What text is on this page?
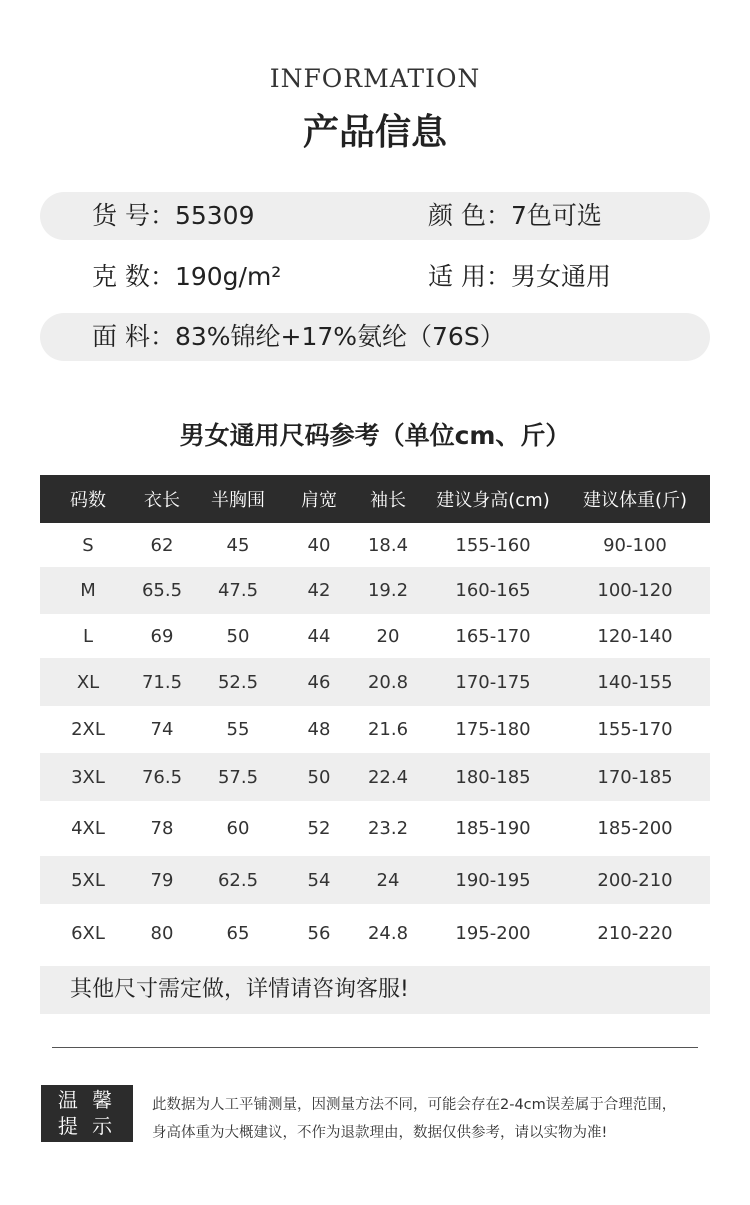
INFORMATION
产品信息
货 号：55309	颜 色：7色可选
克 数：190g/m²	适 用：男女通用
面 料：83%锦纶+17%氨纶（76S）
男女通用尺码参考（单位cm、斤）
码数	衣长	半胸围	肩宽	袖长	建议身高(cm)	建议体重(斤)
S	62	45	40	18.4	155-160	90-100
M	65.5	47.5	42	19.2	160-165	100-120
L	69	50	44	20	165-170	120-140
XL	71.5	52.5	46	20.8	170-175	140-155
2XL	74	55	48	21.6	175-180	155-170
3XL	76.5	57.5	50	22.4	180-185	170-185
4XL	78	60	52	23.2	185-190	185-200
5XL	79	62.5	54	24	190-195	200-210
6XL	80	65	56	24.8	195-200	210-220
其他尺寸需定做，详情请咨询客服!
温 馨
提 示
此数据为人工平铺测量，因测量方法不同，可能会存在2-4cm误差属于合理范围，
身高体重为大概建议，不作为退款理由，数据仅供参考，请以实物为准!
